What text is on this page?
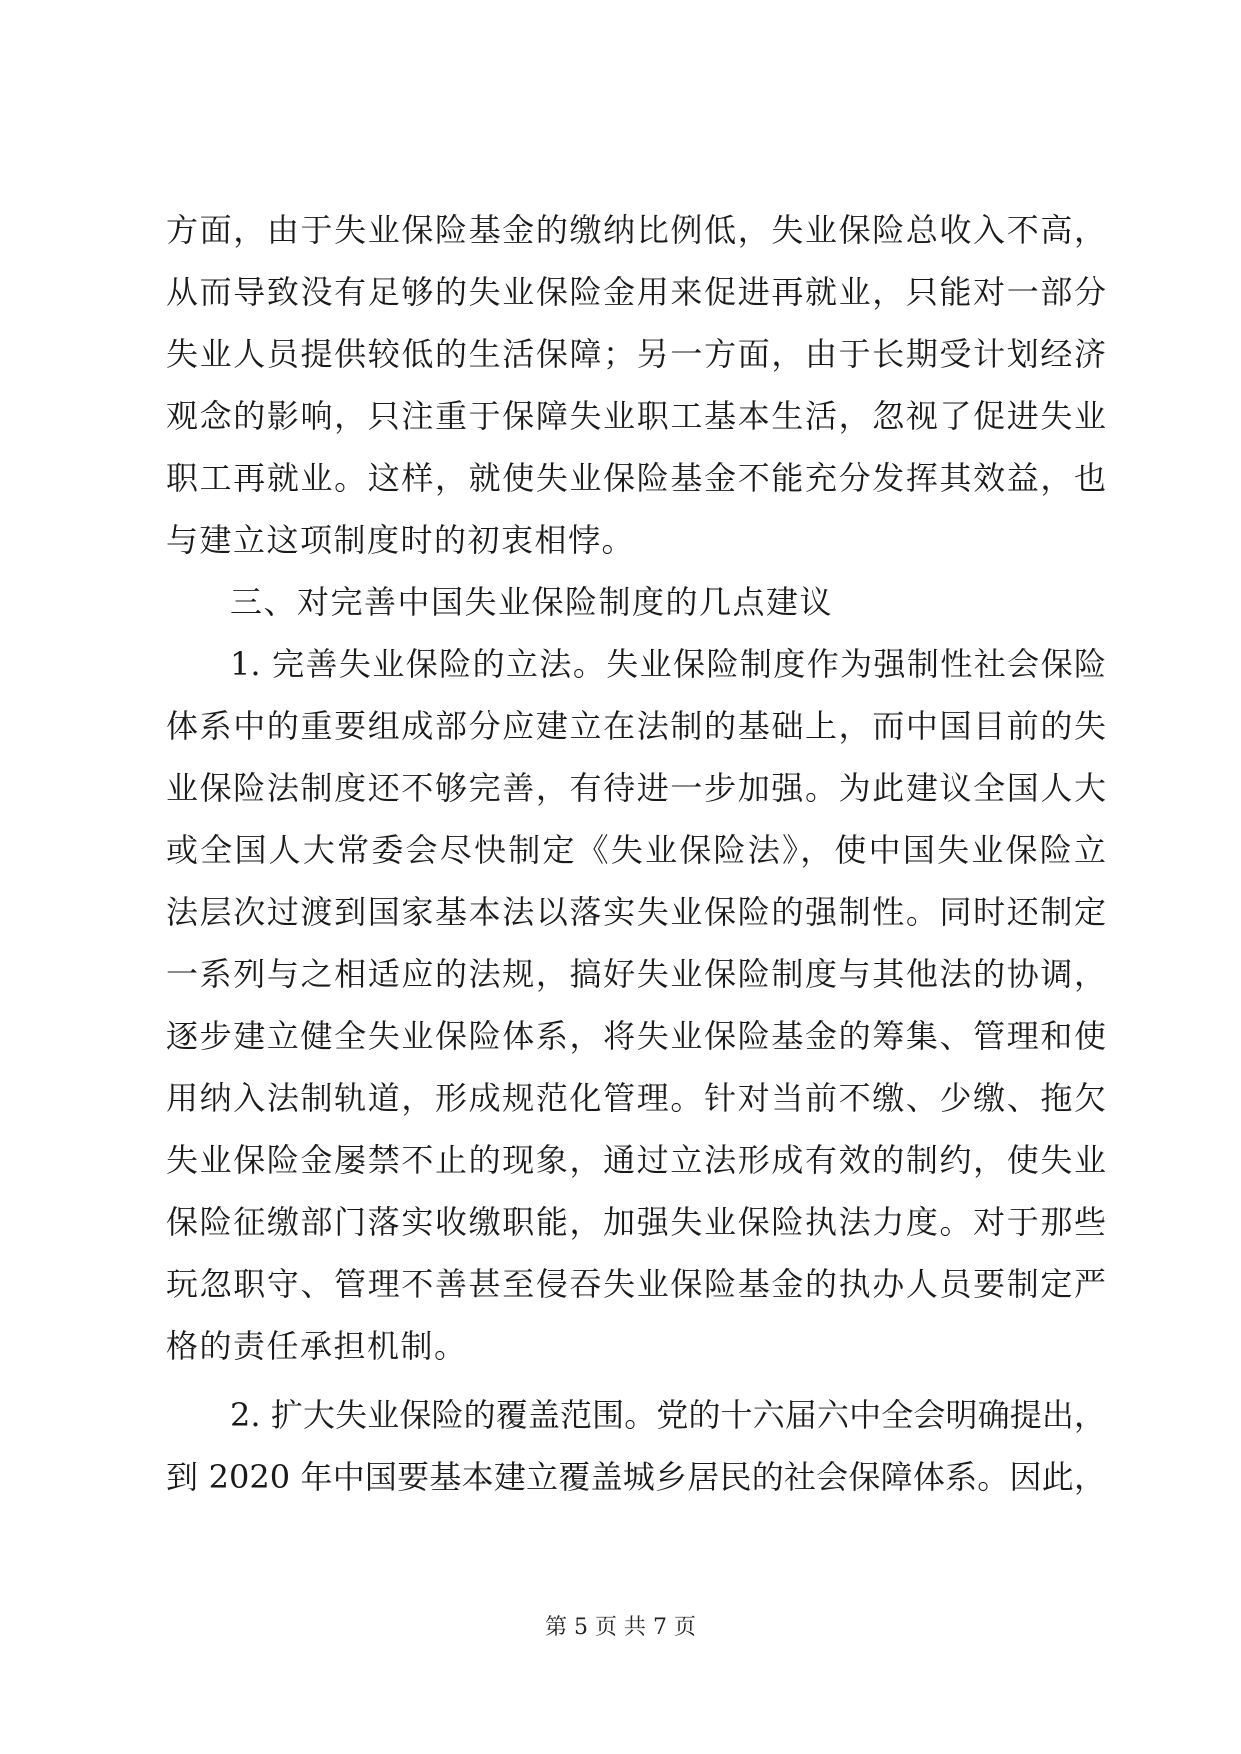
方面，由于失业保险基金的缴纳比例低，失业保险总收入不高，
从而导致没有足够的失业保险金用来促进再就业，只能对一部分
失业人员提供较低的生活保障；另一方面，由于长期受计划经济
观念的影响，只注重于保障失业职工基本生活，忽视了促进失业
职工再就业。这样，就使失业保险基金不能充分发挥其效益，也
与建立这项制度时的初衷相悖。
三、对完善中国失业保险制度的几点建议
1. 完善失业保险的立法。失业保险制度作为强制性社会保险
体系中的重要组成部分应建立在法制的基础上，而中国目前的失
业保险法制度还不够完善，有待进一步加强。为此建议全国人大
或全国人大常委会尽快制定《失业保险法》，使中国失业保险立
法层次过渡到国家基本法以落实失业保险的强制性。同时还制定
一系列与之相适应的法规，搞好失业保险制度与其他法的协调，
逐步建立健全失业保险体系，将失业保险基金的筹集、管理和使
用纳入法制轨道，形成规范化管理。针对当前不缴、少缴、拖欠
失业保险金屡禁不止的现象，通过立法形成有效的制约，使失业
保险征缴部门落实收缴职能，加强失业保险执法力度。对于那些
玩忽职守、管理不善甚至侵吞失业保险基金的执办人员要制定严
格的责任承担机制。
2. 扩大失业保险的覆盖范围。党的十六届六中全会明确提出，
到 2020 年中国要基本建立覆盖城乡居民的社会保障体系。因此，
第 5 页 共 7 页
